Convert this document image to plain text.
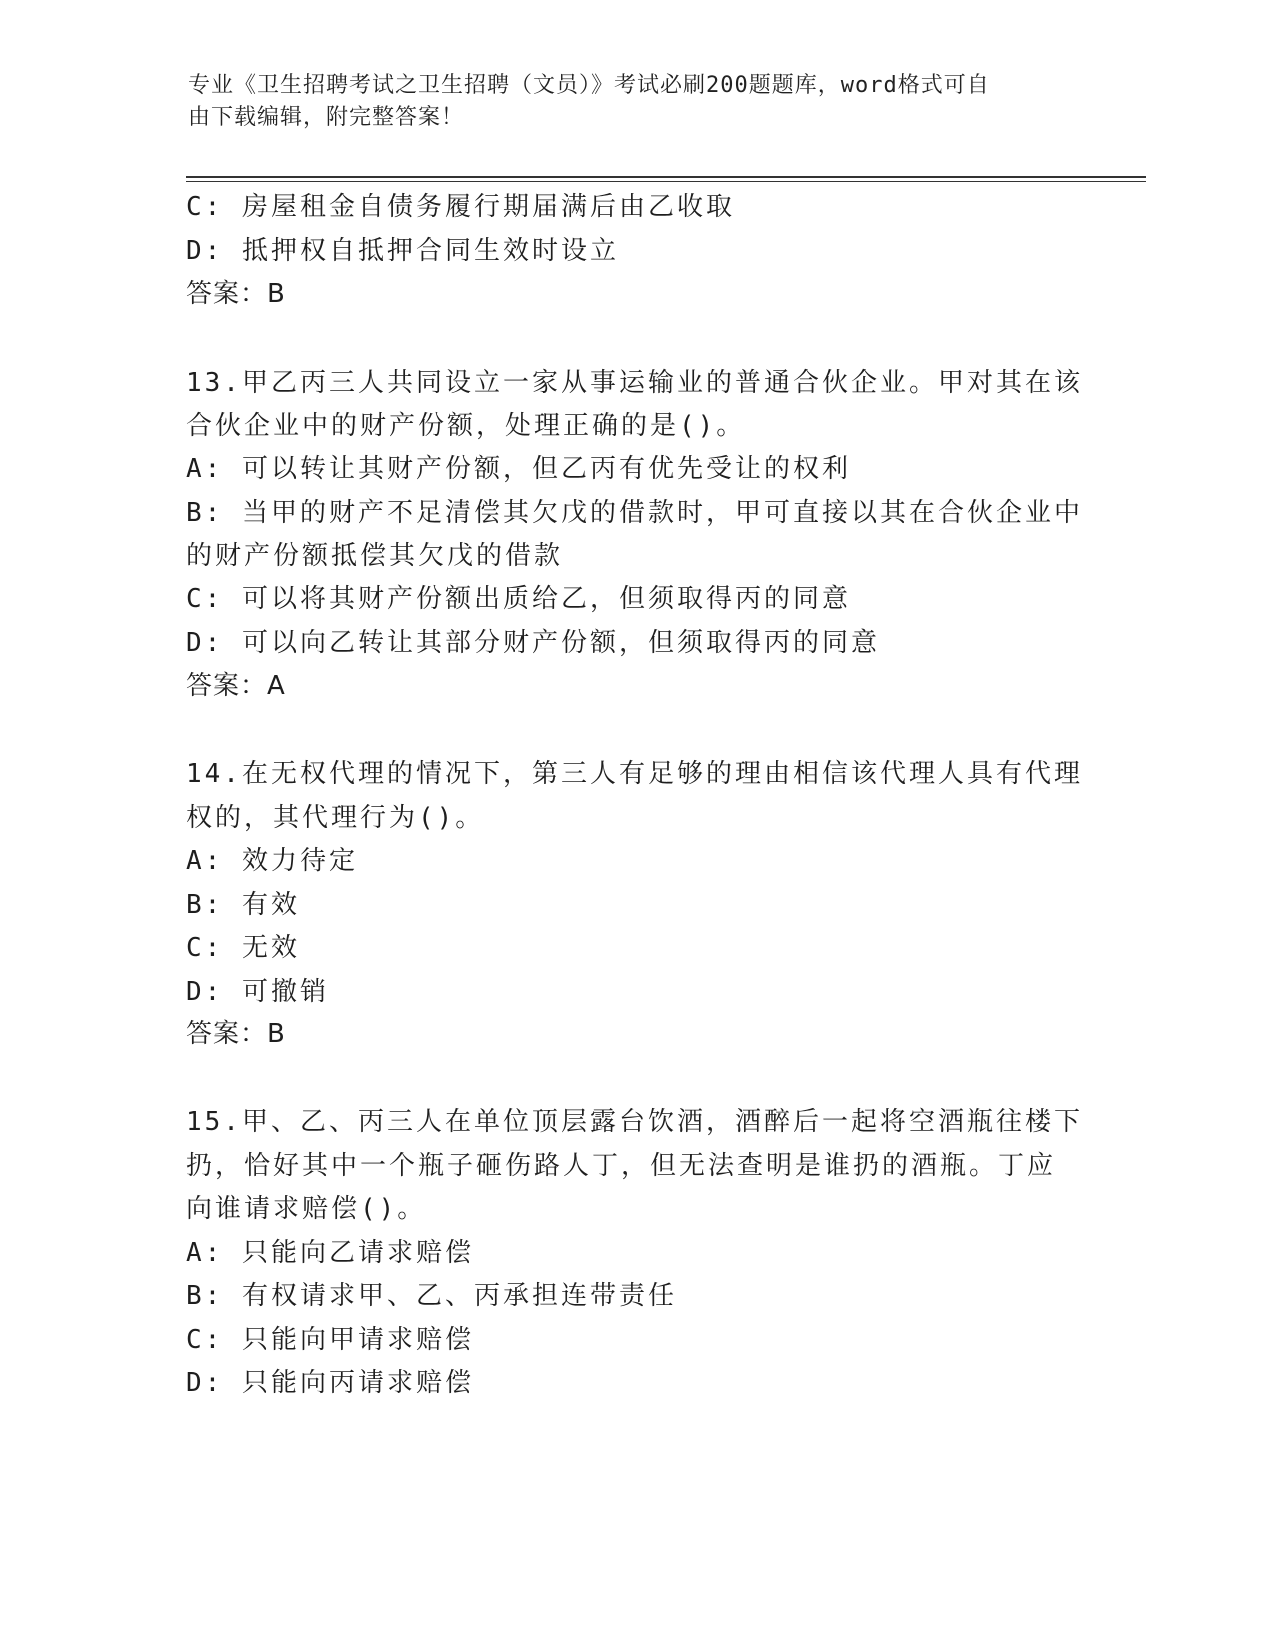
专业《卫生招聘考试之卫生招聘（文员）》考试必刷200题题库，word格式可自
由下载编辑，附完整答案！
C: 房屋租金自债务履行期届满后由乙收取
D: 抵押权自抵押合同生效时设立
答案：B
13.甲乙丙三人共同设立一家从事运输业的普通合伙企业。甲对其在该
合伙企业中的财产份额，处理正确的是()。
A: 可以转让其财产份额，但乙丙有优先受让的权利
B: 当甲的财产不足清偿其欠戊的借款时，甲可直接以其在合伙企业中
的财产份额抵偿其欠戊的借款
C: 可以将其财产份额出质给乙，但须取得丙的同意
D: 可以向乙转让其部分财产份额，但须取得丙的同意
答案：A
14.在无权代理的情况下，第三人有足够的理由相信该代理人具有代理
权的，其代理行为()。
A: 效力待定
B: 有效
C: 无效
D: 可撤销
答案：B
15.甲、乙、丙三人在单位顶层露台饮酒，酒醉后一起将空酒瓶往楼下
扔，恰好其中一个瓶子砸伤路人丁，但无法查明是谁扔的酒瓶。丁应
向谁请求赔偿()。
A: 只能向乙请求赔偿
B: 有权请求甲、乙、丙承担连带责任
C: 只能向甲请求赔偿
D: 只能向丙请求赔偿
